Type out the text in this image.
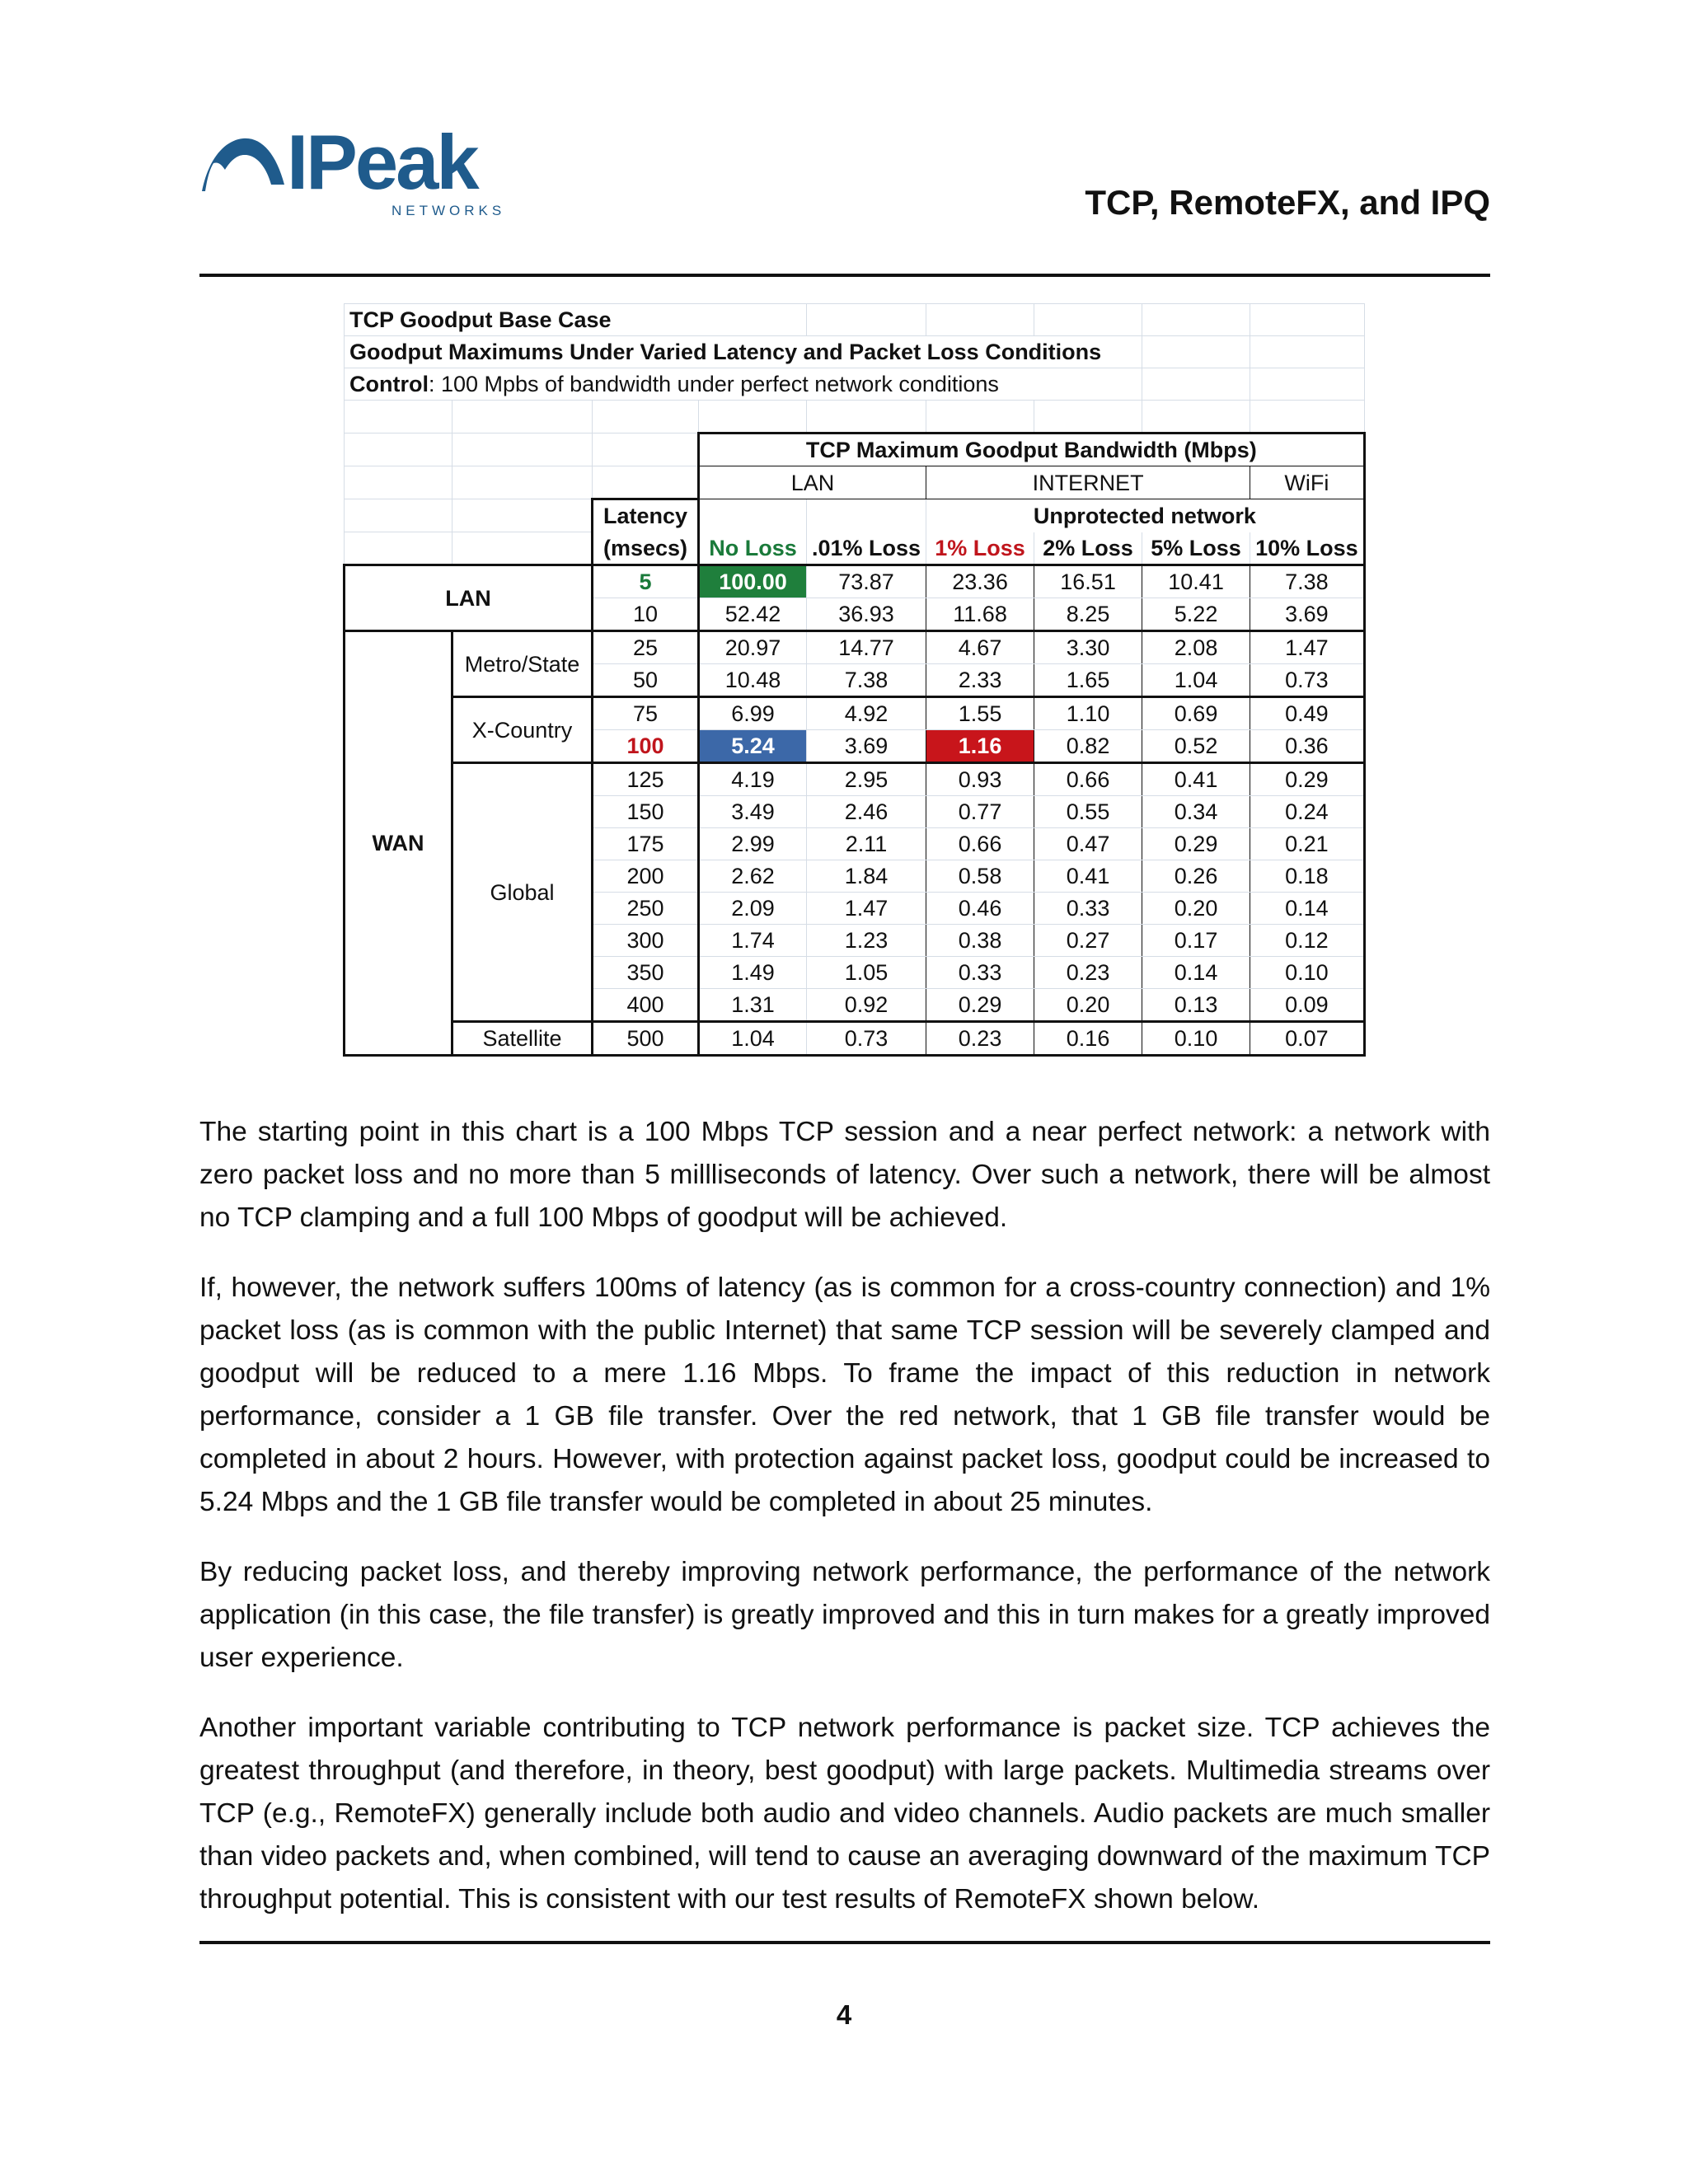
IPeak
NETWORKS	TCP, RemoteFX, and IPQ
TCP Goodput Base Case								
Goodput Maximums Under Varied Latency and Packet Loss Conditions								
Control: 100 Mpbs of bandwidth under perfect network conditions								

			TCP Maximum Goodput Bandwidth (Mbps)					
			LAN		INTERNET			WiFi
		Latency			Unprotected network			
		(msecs)	No Loss	.01% Loss	1% Loss	2% Loss	5% Loss	10% Loss
LAN		5	100.00	73.87	23.36	16.51	10.41	7.38
		10	52.42	36.93	11.68	8.25	5.22	3.69
WAN	Metro/State	25	20.97	14.77	4.67	3.30	2.08	1.47
		50	10.48	7.38	2.33	1.65	1.04	0.73
	X-Country	75	6.99	4.92	1.55	1.10	0.69	0.49
		100	5.24	3.69	1.16	0.82	0.52	0.36
	Global	125	4.19	2.95	0.93	0.66	0.41	0.29
		150	3.49	2.46	0.77	0.55	0.34	0.24
		175	2.99	2.11	0.66	0.47	0.29	0.21
		200	2.62	1.84	0.58	0.41	0.26	0.18
		250	2.09	1.47	0.46	0.33	0.20	0.14
		300	1.74	1.23	0.38	0.27	0.17	0.12
		350	1.49	1.05	0.33	0.23	0.14	0.10
		400	1.31	0.92	0.29	0.20	0.13	0.09
	Satellite	500	1.04	0.73	0.23	0.16	0.10	0.07

The starting point in this chart is a 100 Mbps TCP session and a near perfect network: a network with zero packet loss and no more than 5 millliseconds of latency. Over such a network, there will be almost no TCP clamping and a full 100 Mbps of goodput will be achieved.

If, however, the network suffers 100ms of latency (as is common for a cross-country connection) and 1% packet loss (as is common with the public Internet) that same TCP session will be severely clamped and goodput will be reduced to a mere 1.16 Mbps. To frame the impact of this reduction in network performance, consider a 1 GB file transfer. Over the red network, that 1 GB file transfer would be completed in about 2 hours. However, with protection against packet loss, goodput could be increased to 5.24 Mbps and the 1 GB file transfer would be completed in about 25 minutes.

By reducing packet loss, and thereby improving network performance, the performance of the network application (in this case, the file transfer) is greatly improved and this in turn makes for a greatly improved user experience.

Another important variable contributing to TCP network performance is packet size. TCP achieves the greatest throughput (and therefore, in theory, best goodput) with large packets. Multimedia streams over TCP (e.g., RemoteFX) generally include both audio and video channels. Audio packets are much smaller than video packets and, when combined, will tend to cause an averaging downward of the maximum TCP throughput potential. This is consistent with our test results of RemoteFX shown below.

4
